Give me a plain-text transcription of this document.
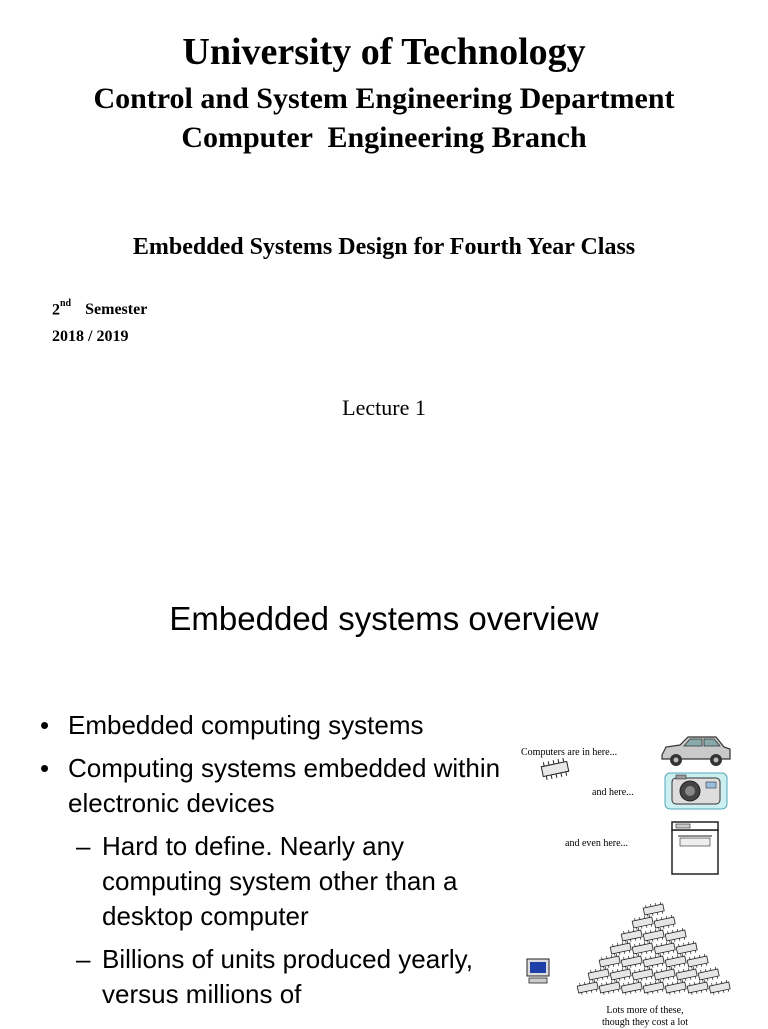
University of Technology
Control and System Engineering Department
Computer  Engineering Branch
Embedded Systems Design for Fourth Year Class
2nd Semester
2018 / 2019
Lecture 1
Embedded systems overview
• Embedded computing systems
• Computing systems embedded within electronic devices
– Hard to define. Nearly any computing system other than a desktop computer
– Billions of units produced yearly, versus millions of
Computers are in here...
and here...
and even here...
Lots more of these,
though they cost a lot
